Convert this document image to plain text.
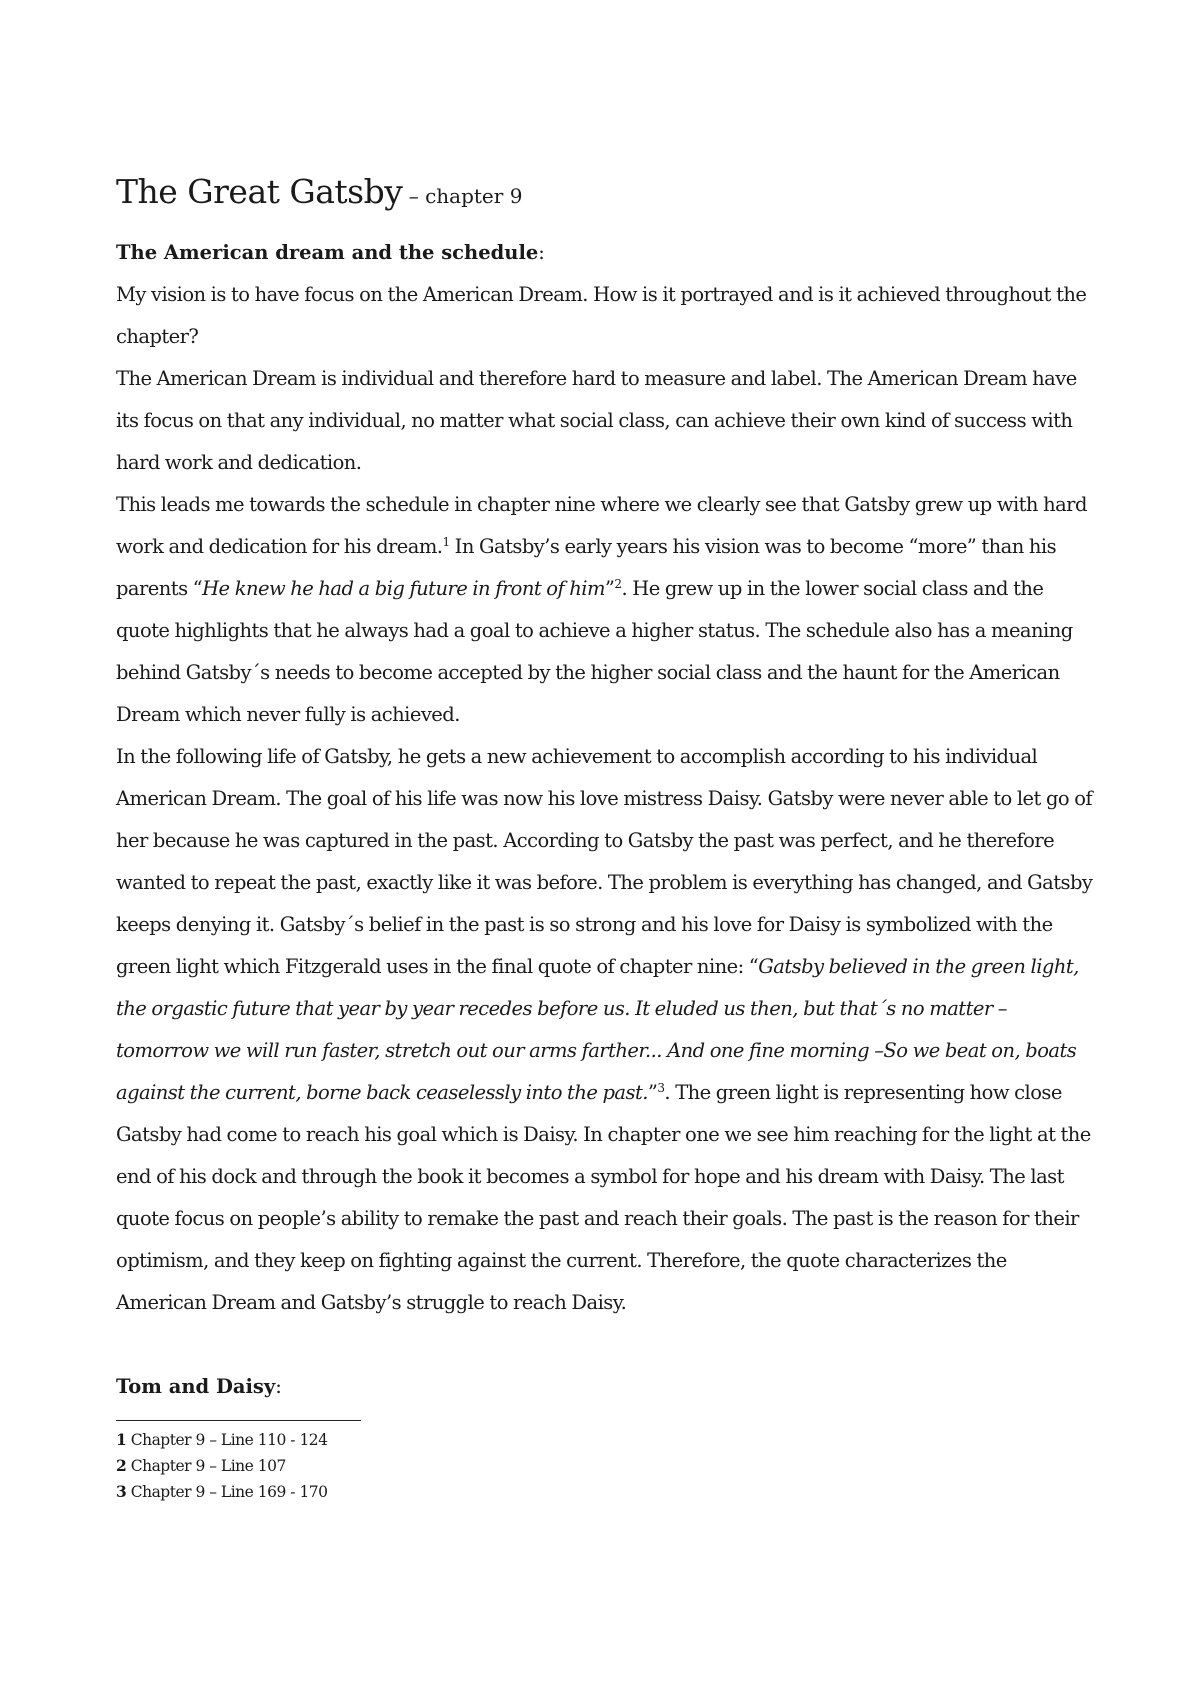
The Great Gatsby – chapter 9
The American dream and the schedule:

My vision is to have focus on the American Dream. How is it portrayed and is it achieved throughout the chapter?

The American Dream is individual and therefore hard to measure and label. The American Dream have its focus on that any individual, no matter what social class, can achieve their own kind of success with hard work and dedication.

This leads me towards the schedule in chapter nine where we clearly see that Gatsby grew up with hard work and dedication for his dream.$^1$ In Gatsby’s early years his vision was to become “more” than his parents “He knew he had a big future in front of him”$^2$. He grew up in the lower social class and the quote highlights that he always had a goal to achieve a higher status. The schedule also has a meaning behind Gatsby´s needs to become accepted by the higher social class and the haunt for the American Dream which never fully is achieved.

In the following life of Gatsby, he gets a new achievement to accomplish according to his individual American Dream. The goal of his life was now his love mistress Daisy. Gatsby were never able to let go of her because he was captured in the past. According to Gatsby the past was perfect, and he therefore wanted to repeat the past, exactly like it was before. The problem is everything has changed, and Gatsby keeps denying it. Gatsby´s belief in the past is so strong and his love for Daisy is symbolized with the green light which Fitzgerald uses in the final quote of chapter nine: “Gatsby believed in the green light, the orgastic future that year by year recedes before us. It eluded us then, but that´s no matter – tomorrow we will run faster, stretch out our arms farther... And one fine morning –So we beat on, boats against the current, borne back ceaselessly into the past.”$^3$. The green light is representing how close Gatsby had come to reach his goal which is Daisy. In chapter one we see him reaching for the light at the end of his dock and through the book it becomes a symbol for hope and his dream with Daisy. The last quote focus on people’s ability to remake the past and reach their goals. The past is the reason for their optimism, and they keep on fighting against the current. Therefore, the quote characterizes the American Dream and Gatsby’s struggle to reach Daisy.

Tom and Daisy:

1 Chapter 9 – Line 110 - 124

2 Chapter 9 – Line 107

3 Chapter 9 – Line 169 - 170
